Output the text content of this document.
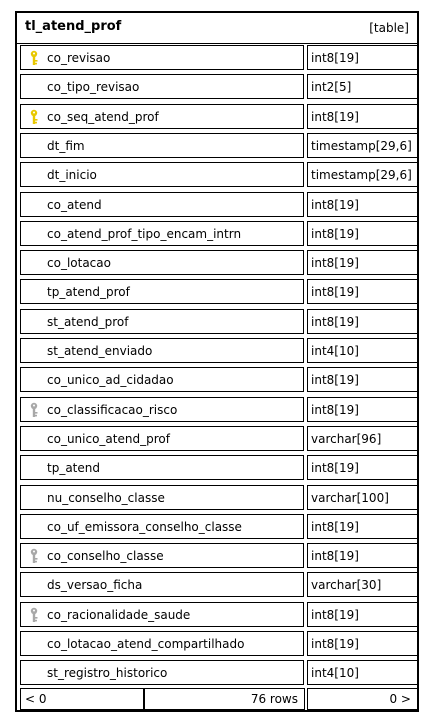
tl_atend_prof	[table]
co_revisao	int8[19]
co_tipo_revisao	int2[5]
co_seq_atend_prof	int8[19]
dt_fim	timestamp[29,6]
dt_inicio	timestamp[29,6]
co_atend	int8[19]
co_atend_prof_tipo_encam_intrn	int8[19]
co_lotacao	int8[19]
tp_atend_prof	int8[19]
st_atend_prof	int8[19]
st_atend_enviado	int4[10]
co_unico_ad_cidadao	int8[19]
co_classificacao_risco	int8[19]
co_unico_atend_prof	varchar[96]
tp_atend	int8[19]
nu_conselho_classe	varchar[100]
co_uf_emissora_conselho_classe	int8[19]
co_conselho_classe	int8[19]
ds_versao_ficha	varchar[30]
co_racionalidade_saude	int8[19]
co_lotacao_atend_compartilhado	int8[19]
st_registro_historico	int4[10]
< 0	76 rows	0 >
